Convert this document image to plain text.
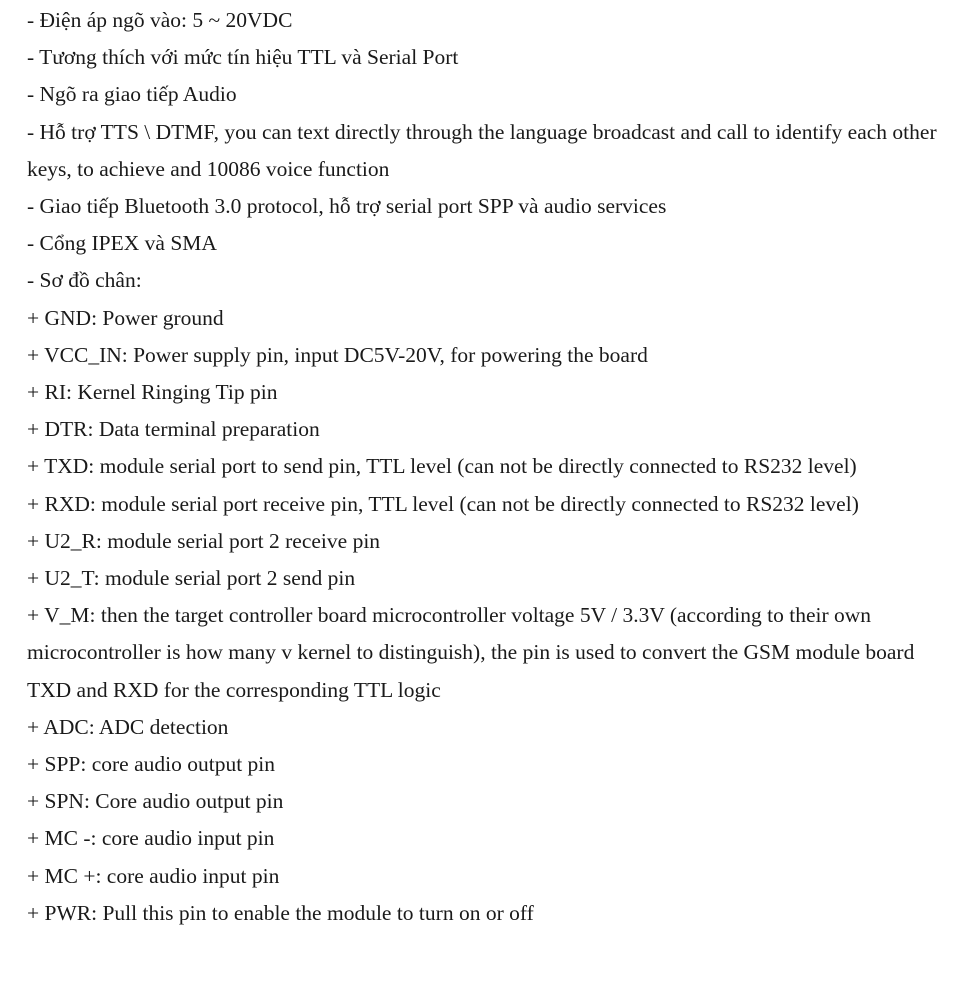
- Điện áp ngõ vào: 5 ~ 20VDC

- Tương thích với mức tín hiệu TTL và Serial Port

- Ngõ ra giao tiếp Audio

- Hỗ trợ TTS \ DTMF, you can text directly through the language broadcast and call to identify each other keys, to achieve and 10086 voice function

- Giao tiếp Bluetooth 3.0 protocol, hỗ trợ serial port SPP và audio services

- Cổng IPEX và SMA

- Sơ đồ chân:

+ GND: Power ground

+ VCC_IN: Power supply pin, input DC5V-20V, for powering the board

+ RI: Kernel Ringing Tip pin

+ DTR: Data terminal preparation

+ TXD: module serial port to send pin, TTL level (can not be directly connected to RS232 level)

+ RXD: module serial port receive pin, TTL level (can not be directly connected to RS232 level)

+ U2_R: module serial port 2 receive pin

+ U2_T: module serial port 2 send pin

+ V_M: then the target controller board microcontroller voltage 5V / 3.3V (according to their own microcontroller is how many v kernel to distinguish), the pin is used to convert the GSM module board TXD and RXD for the corresponding TTL logic

+ ADC: ADC detection

+ SPP: core audio output pin

+ SPN: Core audio output pin

+ MC -: core audio input pin

+ MC +: core audio input pin

+ PWR: Pull this pin to enable the module to turn on or off
